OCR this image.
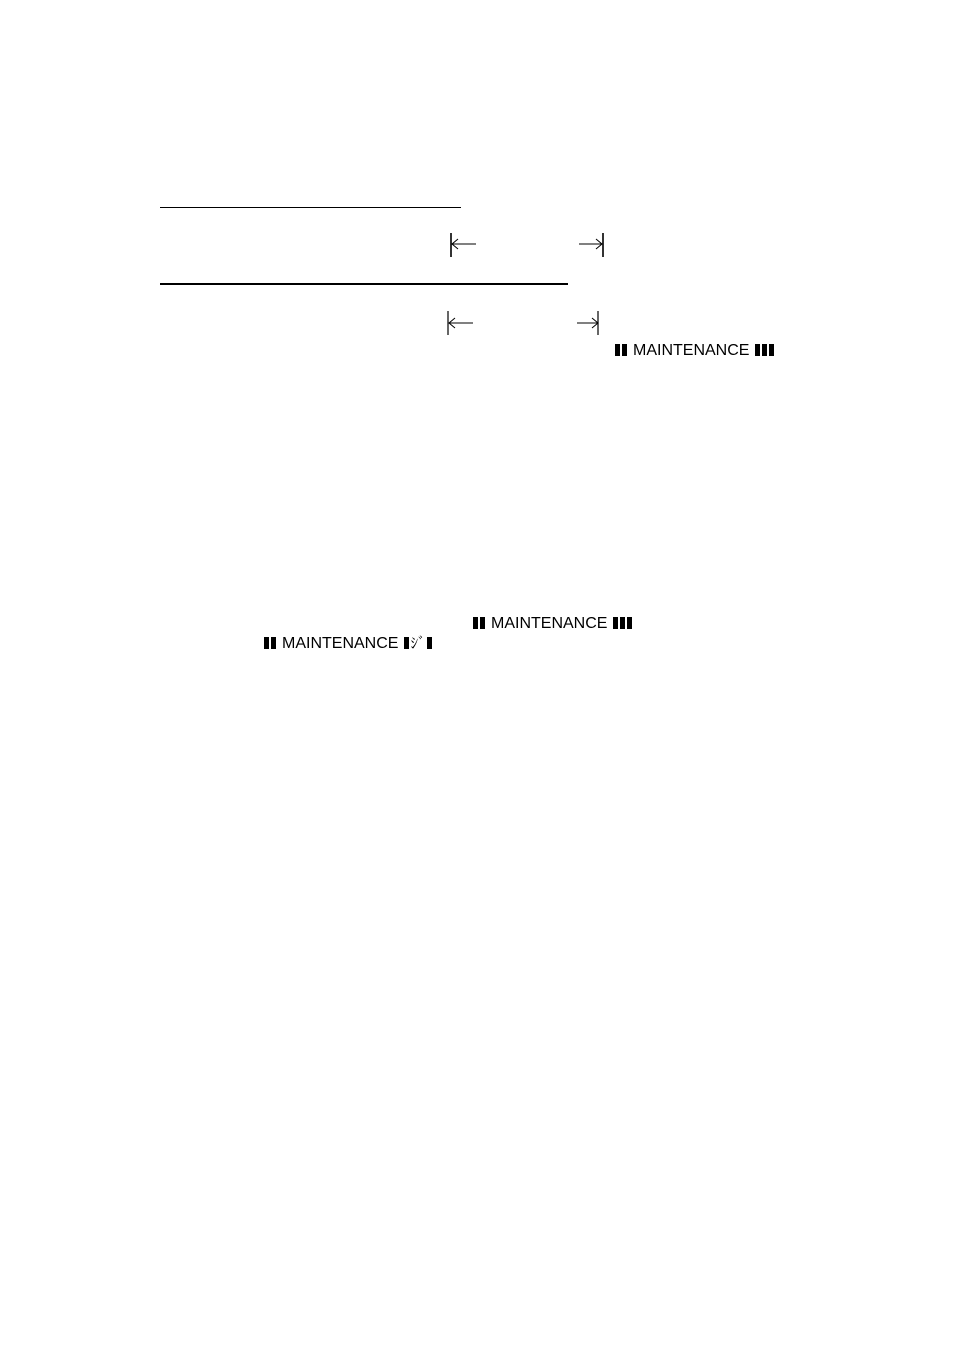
MAINTENANCE
MAINTENANCE
MAINTENANCE ｼﾞ
